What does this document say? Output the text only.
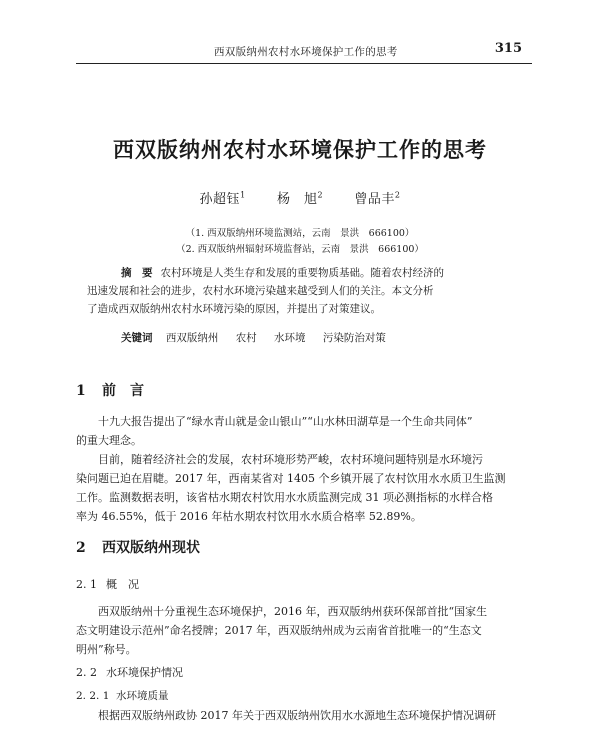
西双版纳州农村水环境保护工作的思考	315
西双版纳州农村水环境保护工作的思考
孙超钰$^1$ 杨　旭$^2$ 曾品丰$^2$
（1. 西双版纳州环境监测站，云南　景洪　666100）
（2. 西双版纳州辐射环境监督站，云南　景洪　666100）
摘　要 农村环境是人类生存和发展的重要物质基础。随着农村经济的
迅速发展和社会的进步，农村水环境污染越来越受到人们的关注。本文分析
了造成西双版纳州农村水环境污染的原因，并提出了对策建议。
关键词 西双版纳州 农村 水环境 污染防治对策
1 前　言
十九大报告提出了“绿水青山就是金山银山”“山水林田湖草是一个生命共同体”
的重大理念。
目前，随着经济社会的发展，农村环境形势严峻，农村环境问题特别是水环境污
染问题已迫在眉睫。2017 年，西南某省对 1405 个乡镇开展了农村饮用水水质卫生监测
工作。监测数据表明，该省枯水期农村饮用水水质监测完成 31 项必测指标的水样合格
率为 46.55%，低于 2016 年枯水期农村饮用水水质合格率 52.89%。
2 西双版纳州现状
2. 1 概　况
西双版纳州十分重视生态环境保护，2016 年，西双版纳州获环保部首批“国家生
态文明建设示范州”命名授牌；2017 年，西双版纳州成为云南省首批唯一的“生态文
明州”称号。
2. 2 水环境保护情况
2. 2. 1 水环境质量
根据西双版纳州政协 2017 年关于西双版纳州饮用水水源地生态环境保护情况调研
